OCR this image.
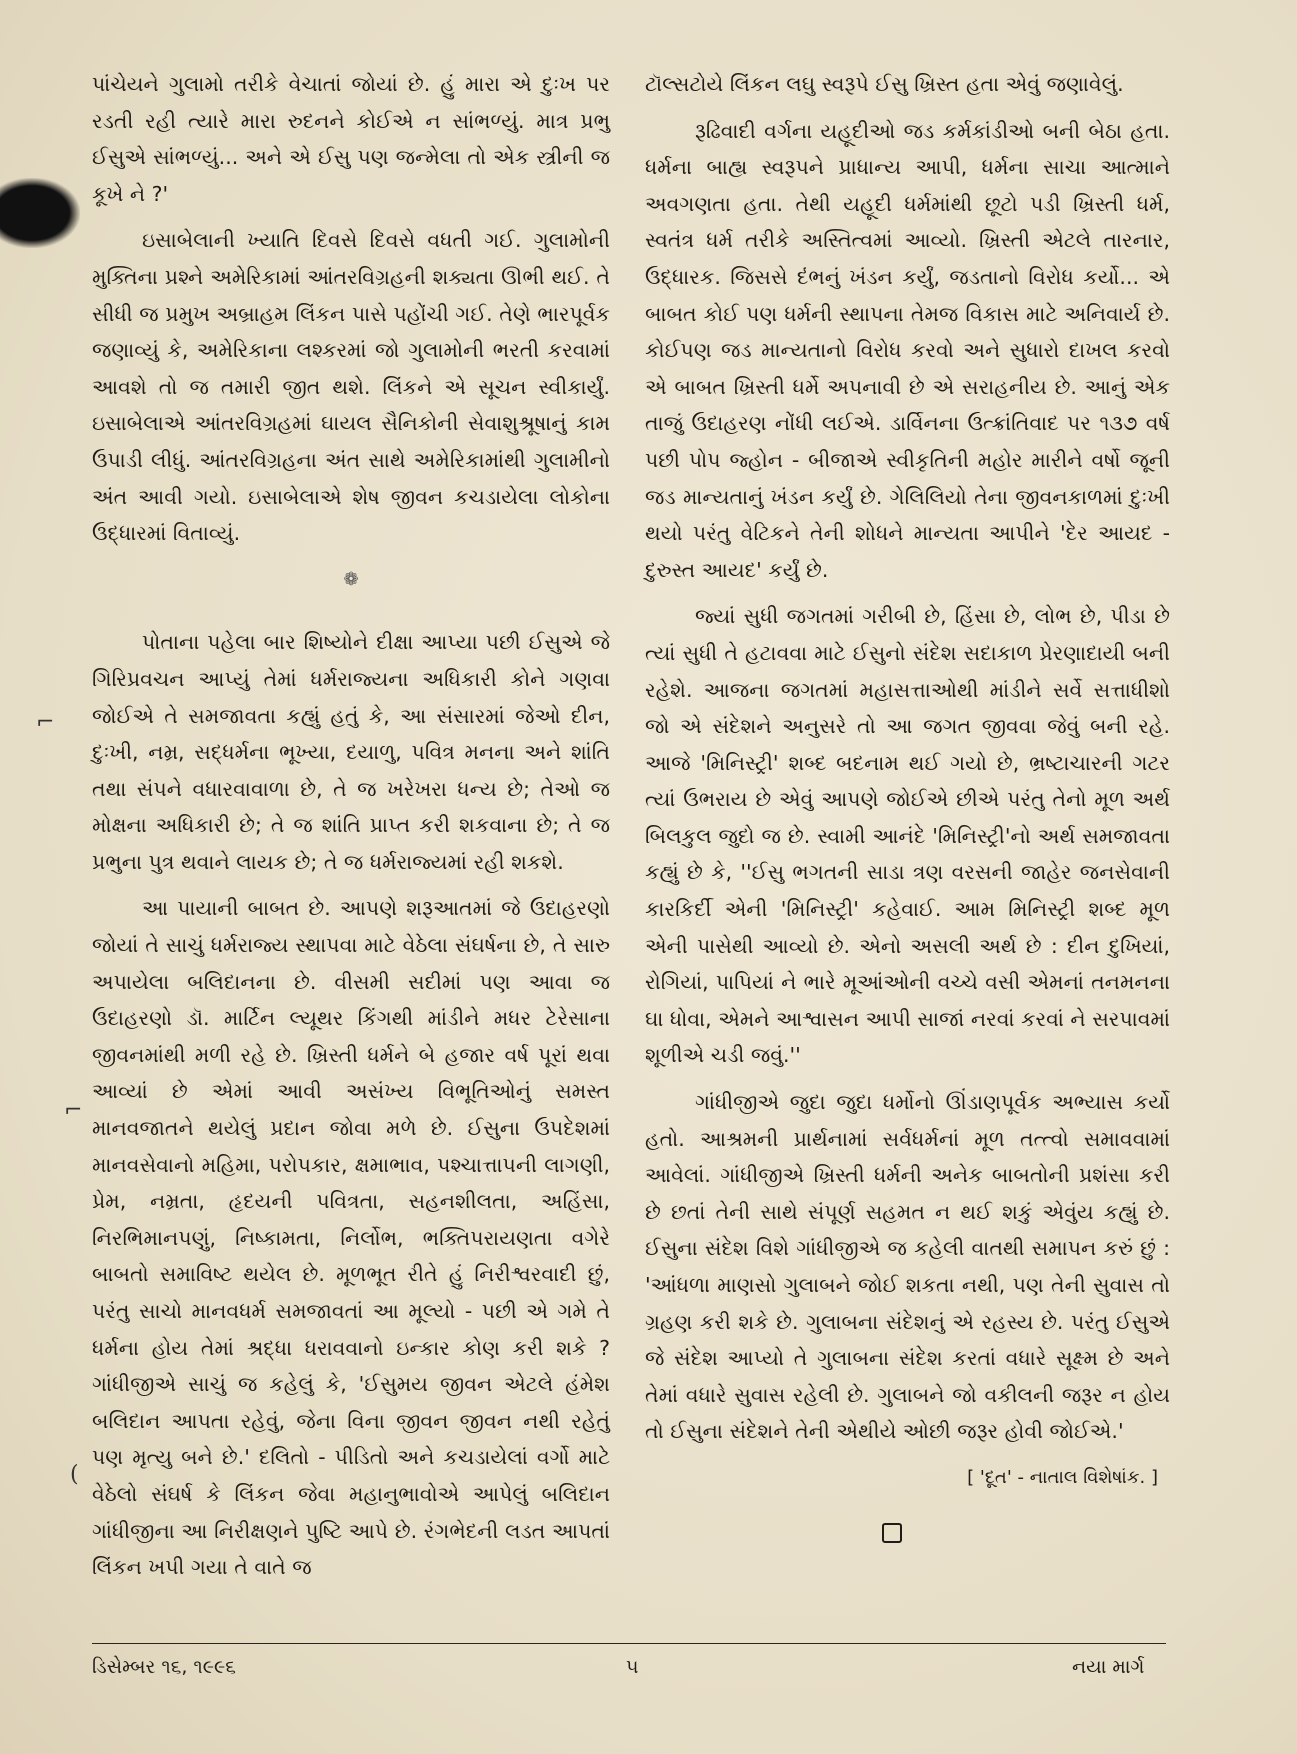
⌐
⌐
(

પાંચેયને ગુલામો તરીકે વેચાતાં જોયાં છે. હું મારા એ દુઃખ પર રડતી રહી ત્યારે મારા રુદનને કોઈએ ન સાંભળ્યું. માત્ર પ્રભુ ઈસુએ સાંભળ્યું... અને એ ઈસુ પણ જન્મેલા તો એક સ્ત્રીની જ કૂખે ને ?'

ઇસાબેલાની ખ્યાતિ દિવસે દિવસે વધતી ગઈ. ગુલામોની મુક્તિના પ્રશ્ને અમેરિકામાં આંતરવિગ્રહની શક્યતા ઊભી થઈ. તે સીધી જ પ્રમુખ અબ્રાહમ લિંકન પાસે પહોંચી ગઈ. તેણે ભારપૂર્વક જણાવ્યું કે, અમેરિકાના લશ્કરમાં જો ગુલામોની ભરતી કરવામાં આવશે તો જ તમારી જીત થશે. લિંકને એ સૂચન સ્વીકાર્યું. ઇસાબેલાએ આંતરવિગ્રહમાં ઘાયલ સૈનિકોની સેવાશુશ્રૂષાનું કામ ઉપાડી લીધું. આંતરવિગ્રહના અંત સાથે અમેરિકામાંથી ગુલામીનો અંત આવી ગયો. ઇસાબેલાએ શેષ જીવન કચડાયેલા લોકોના ઉદ્ધારમાં વિતાવ્યું.

❁

પોતાના પહેલા બાર શિષ્યોને દીક્ષા આપ્યા પછી ઈસુએ જે ગિરિપ્રવચન આપ્યું તેમાં ધર્મરાજ્યના અધિકારી કોને ગણવા જોઈએ તે સમજાવતા કહ્યું હતું કે, આ સંસારમાં જેઓ દીન, દુઃખી, નમ્ર, સદ્ધર્મના ભૂખ્યા, દયાળુ, પવિત્ર મનના અને શાંતિ તથા સંપને વધારવાવાળા છે, તે જ ખરેખરા ધન્ય છે; તેઓ જ મોક્ષના અધિકારી છે; તે જ શાંતિ પ્રાપ્ત કરી શકવાના છે; તે જ પ્રભુના પુત્ર થવાને લાયક છે; તે જ ધર્મરાજ્યમાં રહી શકશે.

આ પાયાની બાબત છે. આપણે શરૂઆતમાં જે ઉદાહરણો જોયાં તે સાચું ધર્મરાજ્ય સ્થાપવા માટે વેઠેલા સંઘર્ષના છે, તે સારુ અપાયેલા બલિદાનના છે. વીસમી સદીમાં પણ આવા જ ઉદાહરણો ડૉ. માર્ટિન લ્યૂથર કિંગથી માંડીને મધર ટેરેસાના જીવનમાંથી મળી રહે છે. ખ્રિસ્તી ધર્મને બે હજાર વર્ષ પૂરાં થવા આવ્યાં છે એમાં આવી અસંખ્ય વિભૂતિઓનું સમસ્ત માનવજાતને થયેલું પ્રદાન જોવા મળે છે. ઈસુના ઉપદેશમાં માનવસેવાનો મહિમા, પરોપકાર, ક્ષમાભાવ, પશ્ચાત્તાપની લાગણી, પ્રેમ, નમ્રતા, હૃદયની પવિત્રતા, સહનશીલતા, અહિંસા, નિરભિમાનપણું, નિષ્કામતા, નિર્લોભ, ભક્તિપરાયણતા વગેરે બાબતો સમાવિષ્ટ થયેલ છે. મૂળભૂત રીતે હું નિરીશ્વરવાદી છું, પરંતુ સાચો માનવધર્મ સમજાવતાં આ મૂલ્યો - પછી એ ગમે તે ધર્મના હોય તેમાં શ્રદ્ધા ધરાવવાનો ઇન્કાર કોણ કરી શકે ? ગાંધીજીએ સાચું જ કહેલું કે, 'ઈસુમય જીવન એટલે હંમેશ બલિદાન આપતા રહેવું, જેના વિના જીવન જીવન નથી રહેતું પણ મૃત્યુ બને છે.' દલિતો - પીડિતો અને કચડાયેલાં વર્ગો માટે વેઠેલો સંઘર્ષ કે લિંકન જેવા મહાનુભાવોએ આપેલું બલિદાન ગાંધીજીના આ નિરીક્ષણને પુષ્ટિ આપે છે. રંગભેદની લડત આપતાં લિંકન ખપી ગયા તે વાતે જ

ટૉલ્સટોયે લિંકન લઘુ સ્વરૂપે ઈસુ ખ્રિસ્ત હતા એવું જણાવેલું.

રૂઢિવાદી વર્ગના યહૂદીઓ જડ કર્મકાંડીઓ બની બેઠા હતા. ધર્મના બાહ્ય સ્વરૂપને પ્રાધાન્ય આપી, ધર્મના સાચા આત્માને અવગણતા હતા. તેથી યહૂદી ધર્મમાંથી છૂટો પડી ખ્રિસ્તી ધર્મ, સ્વતંત્ર ધર્મ તરીકે અસ્તિત્વમાં આવ્યો. ખ્રિસ્તી એટલે તારનાર, ઉદ્ધારક. જિસસે દંભનું ખંડન કર્યું, જડતાનો વિરોધ કર્યો... એ બાબત કોઈ પણ ધર્મની સ્થાપના તેમજ વિકાસ માટે અનિવાર્ય છે. કોઈપણ જડ માન્યતાનો વિરોધ કરવો અને સુધારો દાખલ કરવો એ બાબત ખ્રિસ્તી ધર્મે અપનાવી છે એ સરાહનીય છે. આનું એક તાજું ઉદાહરણ નોંધી લઈએ. ડાર્વિનના ઉત્ક્રાંતિવાદ પર ૧૩૭ વર્ષ પછી પોપ જ્હોન - બીજાએ સ્વીકૃતિની મહોર મારીને વર્ષો જૂની જડ માન્યતાનું ખંડન કર્યું છે. ગેલિલિયો તેના જીવનકાળમાં દુઃખી થયો પરંતુ વેટિકને તેની શોધને માન્યતા આપીને 'દેર આયદ - દુરુસ્ત આયદ' કર્યું છે.

જ્યાં સુધી જગતમાં ગરીબી છે, હિંસા છે, લોભ છે, પીડા છે ત્યાં સુધી તે હટાવવા માટે ઈસુનો સંદેશ સદાકાળ પ્રેરણાદાયી બની રહેશે. આજના જગતમાં મહાસત્તાઓથી માંડીને સર્વે સત્તાધીશો જો એ સંદેશને અનુસરે તો આ જગત જીવવા જેવું બની રહે. આજે 'મિનિસ્ટ્રી' શબ્દ બદનામ થઈ ગયો છે, ભ્રષ્ટાચારની ગટર ત્યાં ઉભરાય છે એવું આપણે જોઈએ છીએ પરંતુ તેનો મૂળ અર્થ બિલકુલ જુદો જ છે. સ્વામી આનંદે 'મિનિસ્ટ્રી'નો અર્થ સમજાવતા કહ્યું છે કે, ''ઈસુ ભગતની સાડા ત્રણ વરસની જાહેર જનસેવાની કારકિર્દી એની 'મિનિસ્ટ્રી' કહેવાઈ. આમ મિનિસ્ટ્રી શબ્દ મૂળ એની પાસેથી આવ્યો છે. એનો અસલી અર્થ છે : દીન દુખિયાં, રોગિયાં, પાપિયાં ને ભારે મૂઆંઓની વચ્ચે વસી એમનાં તનમનના ઘા ધોવા, એમને આશ્વાસન આપી સાજાં નરવાં કરવાં ને સરપાવમાં શૂળીએ ચડી જવું.''

ગાંધીજીએ જુદા જુદા ધર્મોનો ઊંડાણપૂર્વક અભ્યાસ કર્યો હતો. આશ્રમની પ્રાર્થનામાં સર્વધર્મનાં મૂળ તત્ત્વો સમાવવામાં આવેલાં. ગાંધીજીએ ખ્રિસ્તી ધર્મની અનેક બાબતોની પ્રશંસા કરી છે છતાં તેની સાથે સંપૂર્ણ સહમત ન થઈ શકું એવુંય કહ્યું છે. ઈસુના સંદેશ વિશે ગાંધીજીએ જ કહેલી વાતથી સમાપન કરું છું : 'આંધળા માણસો ગુલાબને જોઈ શકતા નથી, પણ તેની સુવાસ તો ગ્રહણ કરી શકે છે. ગુલાબના સંદેશનું એ રહસ્ય છે. પરંતુ ઈસુએ જે સંદેશ આપ્યો તે ગુલાબના સંદેશ કરતાં વધારે સૂક્ષ્મ છે અને તેમાં વધારે સુવાસ રહેલી છે. ગુલાબને જો વકીલની જરૂર ન હોય તો ઈસુના સંદેશને તેની એથીયે ઓછી જરૂર હોવી જોઈએ.'

[ 'દૂત' - નાતાલ વિશેષાંક. ]
ડિસેમ્બર ૧૬, ૧૯૯૬	૫	નયા માર્ગ
